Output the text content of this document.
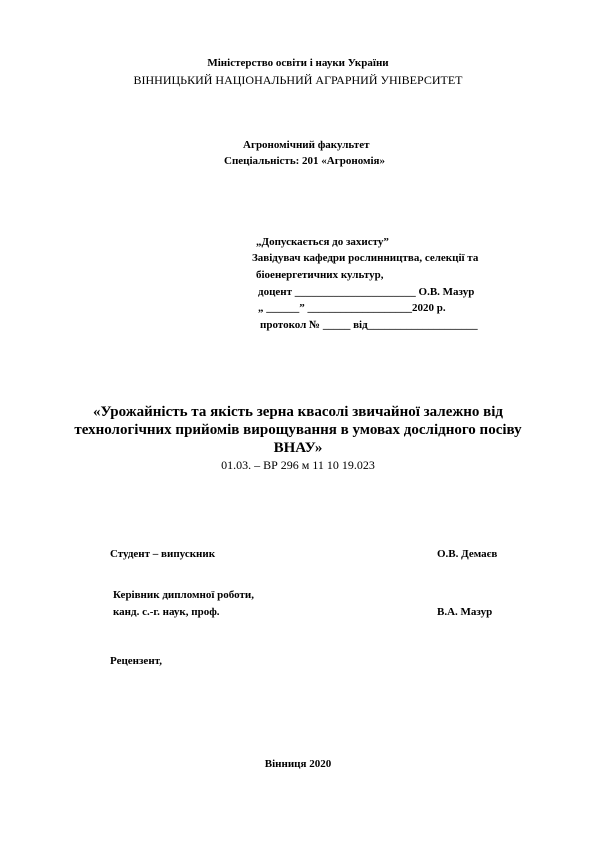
Міністерство освіти і науки України
ВІННИЦЬКИЙ НАЦІОНАЛЬНИЙ АГРАРНИЙ УНІВЕРСИТЕТ
Агрономічний факультет
Спеціальність: 201 «Агрономія»
„Допускається до захисту”
Завідувач кафедри рослинництва, селекції та
біоенергетичних культур,
доцент ______________________ О.В. Мазур
„ ______” ___________________2020 р.
протокол № _____ від____________________
«Урожайність та якість зерна квасолі звичайної залежно від
технологічних прийомів вирощування в умовах дослідного посіву
ВНАУ»
01.03. – ВР 296 м 11 10 19.023
Студент – випускник	О.В. Демаєв
Керівник дипломної роботи,
канд. с.-г. наук, проф.	В.А. Мазур
Рецензент,
Вінниця 2020
